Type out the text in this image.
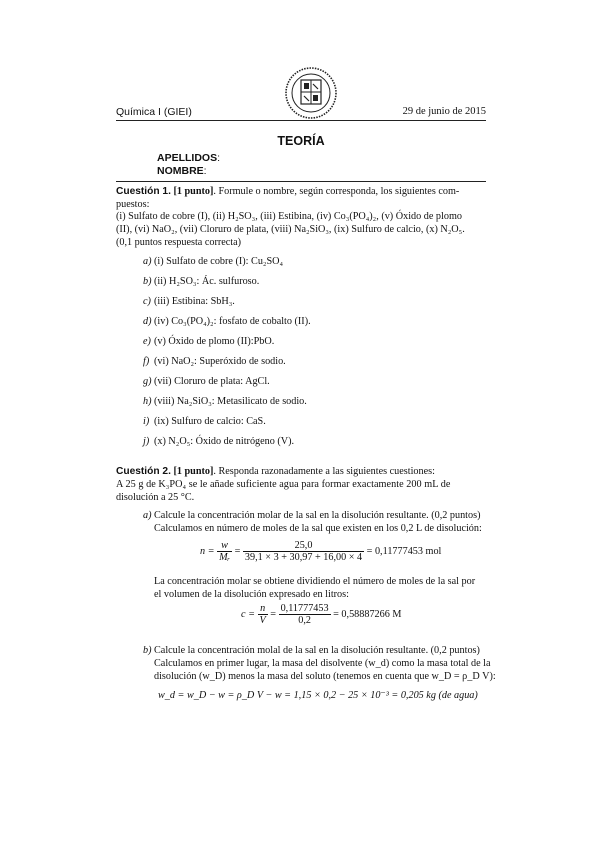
Química I (GIEI)	29 de junio de 2015
TEORÍA
APELLIDOS:
NOMBRE:
Cuestión 1. [1 punto]. Formule o nombre, según corresponda, los siguientes com-
puestos:
(i) Sulfato de cobre (I), (ii) H₂SO₃, (iii) Estibina, (iv) Co₃(PO₄)₂, (v) Óxido de plomo
(II), (vi) NaO₂, (vii) Cloruro de plata, (viii) Na₂SiO₃, (ix) Sulfuro de calcio, (x) N₂O₅.
(0,1 puntos respuesta correcta)
a) (i) Sulfato de cobre (I): Cu₂SO₄
b) (ii) H₂SO₃: Ác. sulfuroso.
c) (iii) Estibina: SbH₃.
d) (iv) Co₃(PO₄)₂: fosfato de cobalto (II).
e) (v) Óxido de plomo (II):PbO.
f) (vi) NaO₂: Superóxido de sodio.
g) (vii) Cloruro de plata: AgCl.
h) (viii) Na₂SiO₃: Metasilicato de sodio.
i) (ix) Sulfuro de calcio: CaS.
j) (x) N₂O₅: Óxido de nitrógeno (V).
Cuestión 2. [1 punto]. Responda razonadamente a las siguientes cuestiones:
A 25 g de K₃PO₄ se le añade suficiente agua para formar exactamente 200 mL de
disolución a 25 °C.
a) Calcule la concentración molar de la sal en la disolución resultante. (0,2 puntos)
Calculamos en número de moles de la sal que existen en los 0,2 L de disolución:
$n = \frac{w}{\text{Mᵣ}} = \frac{25,0}{39,1 \times 3 + 30,97 + 16,00 \times 4} = 0,11777453$ mol
La concentración molar se obtiene dividiendo el número de moles de la sal por
el volumen de la disolución expresado en litros:
$c = \frac{n}{V} = \frac{0,11777453}{0,2} = 0,58887266$ M
b) Calcule la concentración molal de la sal en la disolución resultante. (0,2 puntos)
Calculamos en primer lugar, la masa del disolvente (w_d) como la masa total de la
disolución (w_D) menos la masa del soluto (tenemos en cuenta que w_D = ρ_D V):
w_d = w_D − w = ρ_D V − w = 1,15 × 0,2 − 25 × 10⁻³ = 0,205 kg (de agua)
